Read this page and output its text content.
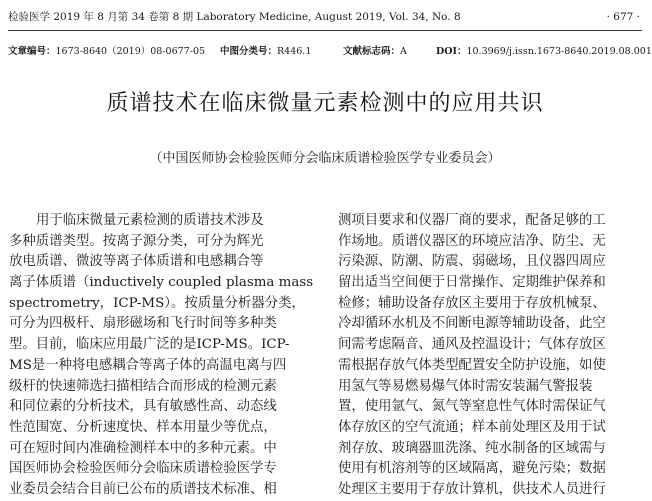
检验医学 2019 年 8 月第 34 卷第 8 期 Laboratory Medicine, August 2019, Vol. 34, No. 8	· 677 ·
文章编号：1673-8640（2019）08-0677-05 中图分类号：R446.1	文献标志码：A	DOI：10.3969/j.issn.1673-8640.2019.08.001
质谱技术在临床微量元素检测中的应用共识
（中国医师协会检验医师分会临床质谱检验医学专业委员会）
用于临床微量元素检测的质谱技术涉及
多种质谱类型。按离子源分类，可分为辉光
放电质谱、微波等离子体质谱和电感耦合等
离子体质谱（inductively coupled plasma mass
spectrometry，ICP-MS）。按质量分析器分类，
可分为四极杆、扇形磁场和飞行时间等多种类
型。目前，临床应用最广泛的是ICP-MS。ICP-
MS是一种将电感耦合等离子体的高温电离与四
级杆的快速筛选扫描相结合而形成的检测元素
和同位素的分析技术，具有敏感性高、动态线
性范围宽、分析速度快、样本用量少等优点，
可在短时间内准确检测样本中的多种元素。中
国医师协会检验医师分会临床质谱检验医学专
业委员会结合目前已公布的质谱技术标准、相
测项目要求和仪器厂商的要求，配备足够的工
作场地。质谱仪器区的环境应洁净、防尘、无
污染源、防潮、防震、弱磁场，且仪器四周应
留出适当空间便于日常操作、定期维护保养和
检修；辅助设备存放区主要用于存放机械泵、
冷却循环水机及不间断电源等辅助设备，此空
间需考虑隔音、通风及控温设计；气体存放区
需根据存放气体类型配置安全防护设施，如使
用氢气等易燃易爆气体时需安装漏气警报装
置，使用氩气、氮气等窒息性气体时需保证气
体存放区的空气流通；样本前处理区及用于试
剂存放、玻璃器皿洗涤、纯水制备的区域需与
使用有机溶剂等的区域隔离，避免污染；数据
处理区主要用于存放计算机，供技术人员进行
